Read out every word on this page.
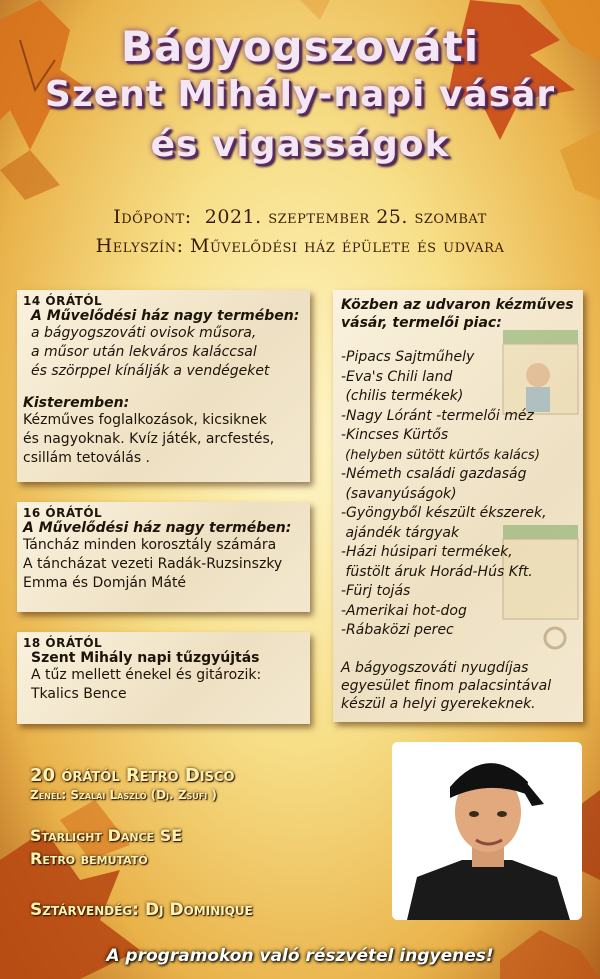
Bágyogszováti
Szent Mihály-napi vásár
és vigasságok
Időpont: 2021. szeptember 25. szombat
Helyszín: Művelődési ház épülete és udvara
14 ÓRÁTÓL
A Művelődési ház nagy termében:
a bágyogszováti ovisok műsora,
a műsor után lekváros kaláccsal
és szörppel kínálják a vendégeket
Kisteremben:
Kézműves foglalkozások, kicsiknek
és nagyoknak. Kvíz játék, arcfestés,
csillám tetoválás .
16 ÓRÁTÓL
A Művelődési ház nagy termében:
Táncház minden korosztály számára
A táncházat vezeti Radák-Ruzsinszky
Emma és Domján Máté
18 ÓRÁTÓL
Szent Mihály napi tűzgyújtás
A tűz mellett énekel és gitározik:
Tkalics Bence
Közben az udvaron kézműves vásár, termelői piac:
-Pipacs Sajtműhely
-Eva's Chili land
(chilis termékek)
-Nagy Lóránt -termelői méz
-Kincses Kürtős
(helyben sütött kürtős kalács)
-Németh családi gazdaság
(savanyúságok)
-Gyöngyből készült ékszerek,
ajándék tárgyak
-Házi húsipari termékek,
füstölt áruk Horád-Hús Kft.
-Fürj tojás
-Amerikai hot-dog
-Rábaközi perec
A bágyogszováti nyugdíjas egyesület finom palacsintával készül a helyi gyerekeknek.
20 órától Retro Disco
Zenél: Szalai László (Dj. Zsüfi )
Starlight Dance SE
Retro bemutató
Sztárvendég: Dj Dominique
A programokon való részvétel ingyenes!
